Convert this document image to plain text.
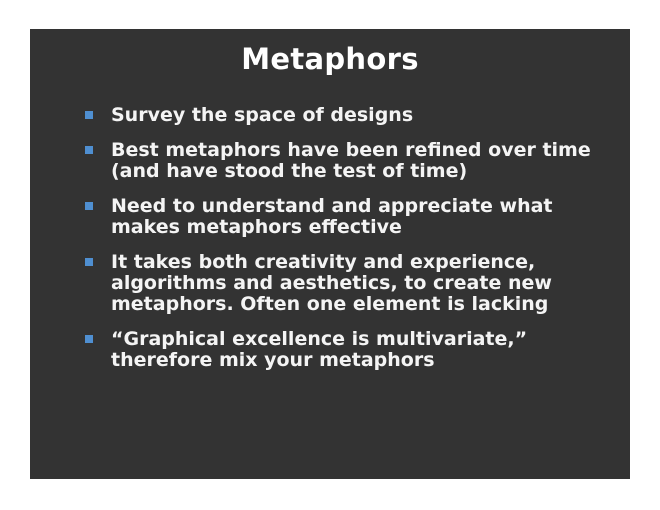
Metaphors
Survey the space of designs
Best metaphors have been refined over time (and have stood the test of time)
Need to understand and appreciate what makes metaphors effective
It takes both creativity and experience, algorithms and aesthetics, to create new metaphors. Often one element is lacking
“Graphical excellence is multivariate,” therefore mix your metaphors
